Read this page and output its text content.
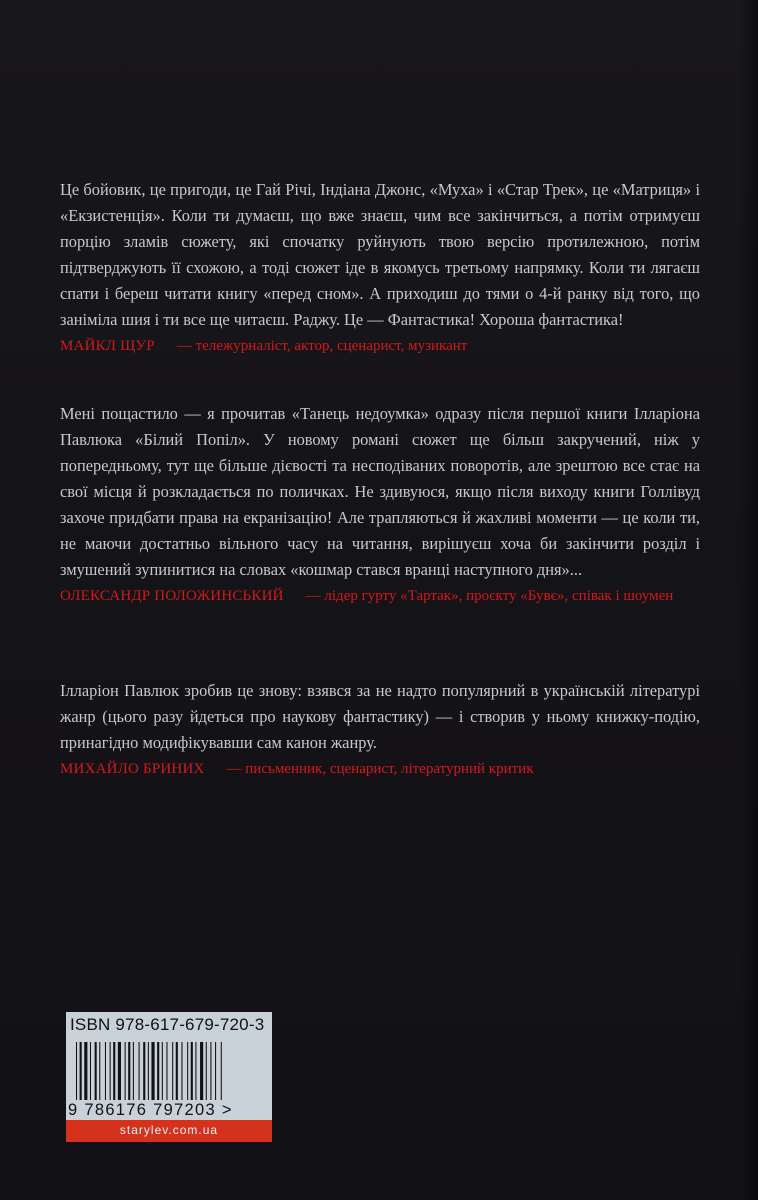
Це бойовик, це пригоди, це Гай Річі, Індіана Джонс, «Муха» і «Стар Трек», це «Матриця» і «Екзистенція». Коли ти думаєш, що вже знаєш, чим все закінчиться, а потім отримуєш порцію зламів сюжету, які спочатку руйнують твою версію протилежною, потім підтверджують її схожою, а тоді сюжет іде в якомусь третьому напрямку. Коли ти лягаєш спати і береш читати книгу «перед сном». А приходиш до тями о 4-й ранку від того, що заніміла шия і ти все ще читаєш. Раджу. Це — Фантастика! Хороша фантастика!

МАЙКЛ ЩУР — тележурналіст, актор, сценарист, музикант

Мені пощастило — я прочитав «Танець недоумка» одразу після першої книги Ілларіона Павлюка «Білий Попіл». У новому романі сюжет ще більш закручений, ніж у попередньому, тут ще більше дієвості та несподіваних поворотів, але зрештою все стає на свої місця й розкладається по поличках. Не здивуюся, якщо після виходу книги Голлівуд захоче придбати права на екранізацію! Але трапляються й жахливі моменти — це коли ти, не маючи достатньо вільного часу на читання, вирішуєш хоча би закінчити розділ і змушений зупинитися на словах «кошмар стався вранці наступного дня»...

ОЛЕКСАНДР ПОЛОЖИНСЬКИЙ — лідер гурту «Тартак», проєкту «Бувє», співак і шоумен

Ілларіон Павлюк зробив це знову: взявся за не надто популярний в українській літературі жанр (цього разу йдеться про наукову фантастику) — і створив у ньому книжку-подію, принагідно модифікувавши сам канон жанру.

МИХАЙЛО БРИНИХ — письменник, сценарист, літературний критик
ISBN 978-617-679-720-3
9 786176 797203 >
starylev.com.ua
